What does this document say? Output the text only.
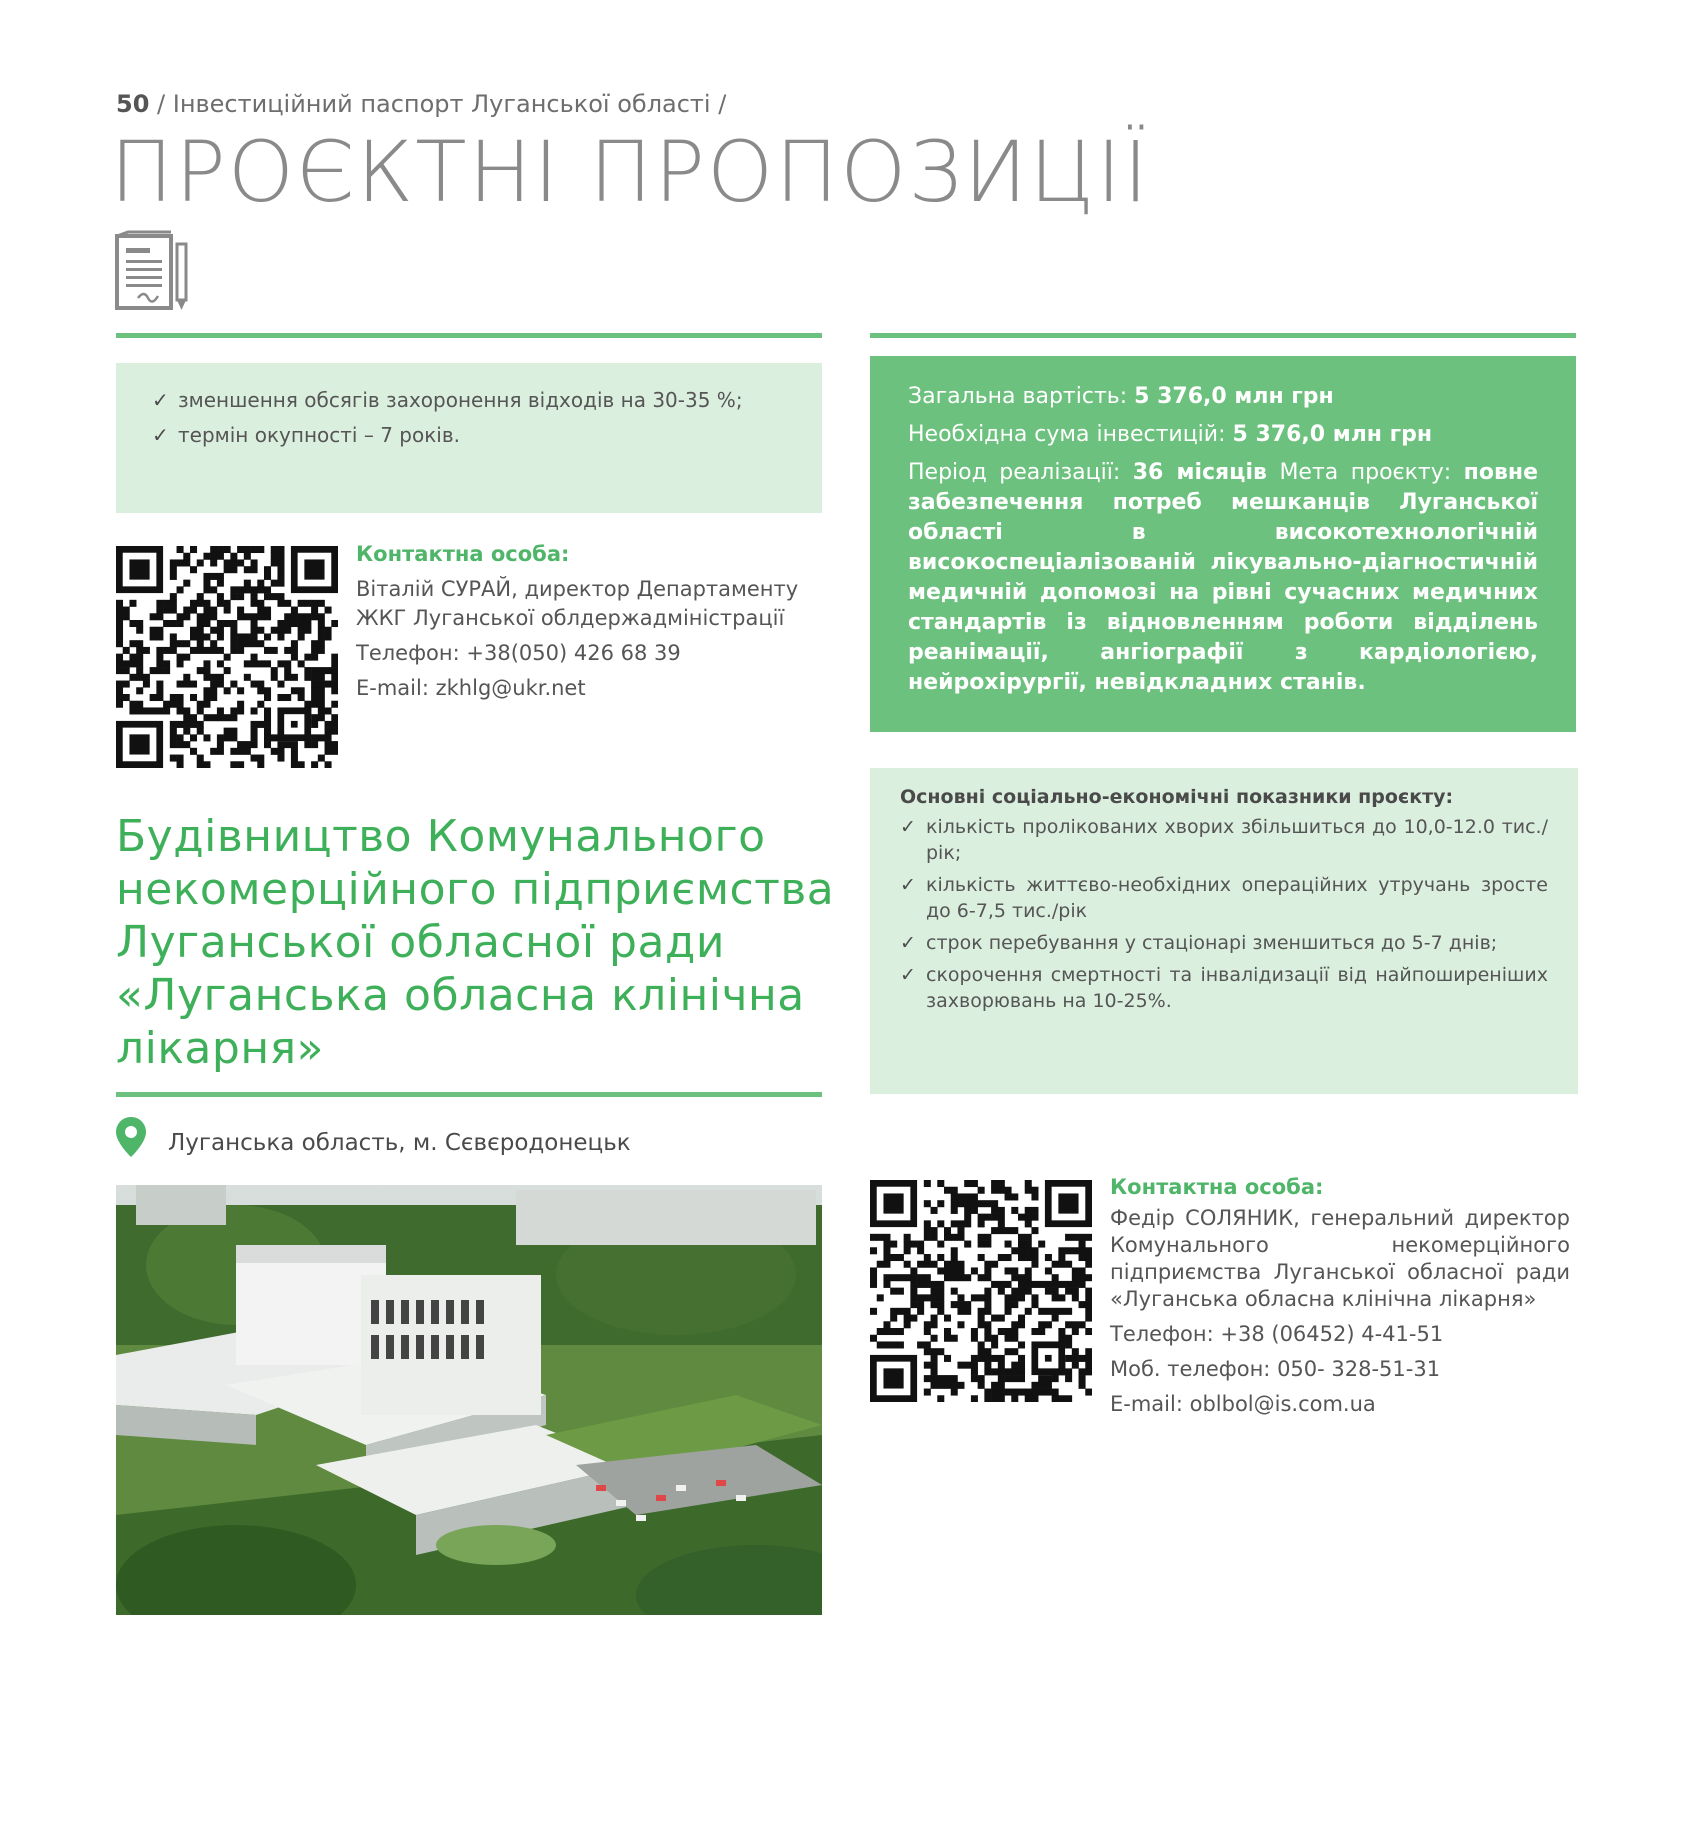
50 / Інвестиційний паспорт Луганської області /
ПРОЄКТНІ ПРОПОЗИЦІЇ
✓ зменшення обсягів захоронення відходів на 30-35 %;
✓ термін окупності – 7 років.
Контактна особа:

Віталій СУРАЙ, директор Департаменту ЖКГ Луганської облдержадміністрації

Телефон: +38(050) 426 68 39

E-mail: zkhlg@ukr.net

Будівництво Комунального некомерційного підприємства Луганської обласної ради «Луганська обласна клінічна лікарня»
Луганська область, м. Сєвєродонецьк

Загальна вартість: 5 376,0 млн грн

Необхідна сума інвестицій: 5 376,0 млн грн

Період реалізації: 36 місяців Мета проєкту: повне забезпечення потреб мешканців Луганської області в високотехнологічній високоспеціалізованій лікувально-діагностичній медичній допомозі на рівні сучасних медичних стандартів із відновленням роботи відділень реанімації, ангіографії з кардіологією, нейрохірургії, невідкладних станів.

Основні соціально-економічні показники проєкту:
✓ кількість пролікованих хворих збільшиться до 10,0-12.0 тис./рік;
✓ кількість життєво-необхідних операційних утручань зросте до 6-7,5 тис./рік
✓ строк перебування у стаціонарі зменшиться до 5-7 днів;
✓ скорочення смертності та інвалідизації від найпоширеніших захворювань на 10-25%.
Контактна особа:

Федір СОЛЯНИК, генеральний директор Комунального некомерційного підприємства Луганської обласної ради «Луганська обласна клінічна лікарня»

Телефон: +38 (06452) 4-41-51

Моб. телефон: 050- 328-51-31

E-mail: oblbol@is.com.ua
